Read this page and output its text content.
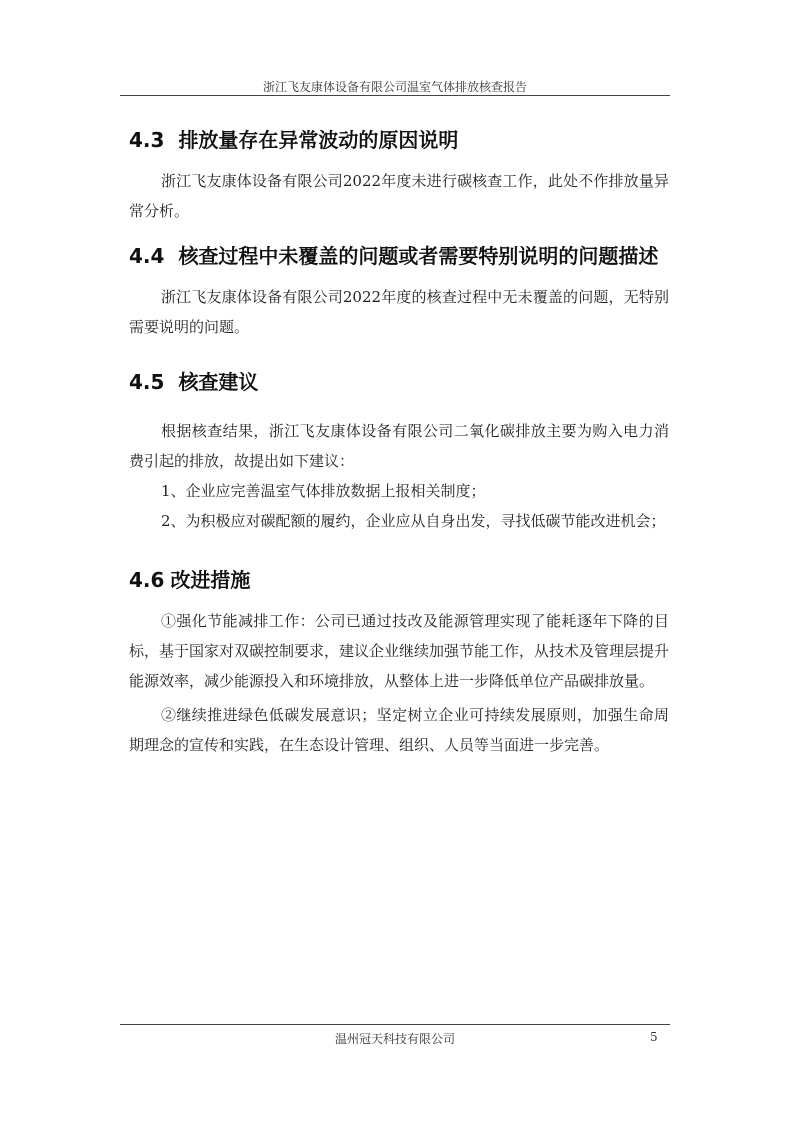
浙江飞友康体设备有限公司温室气体排放核查报告
4.3 排放量存在异常波动的原因说明
浙江飞友康体设备有限公司2022年度未进行碳核查工作，此处不作排放量异常分析。
4.4 核查过程中未覆盖的问题或者需要特别说明的问题描述
浙江飞友康体设备有限公司2022年度的核查过程中无未覆盖的问题，无特别需要说明的问题。
4.5 核查建议
根据核查结果，浙江飞友康体设备有限公司二氧化碳排放主要为购入电力消费引起的排放，故提出如下建议：
1、企业应完善温室气体排放数据上报相关制度；
2、为积极应对碳配额的履约，企业应从自身出发，寻找低碳节能改进机会；
4.6 改进措施
①强化节能减排工作：公司已通过技改及能源管理实现了能耗逐年下降的目标，基于国家对双碳控制要求，建议企业继续加强节能工作，从技术及管理层提升能源效率，减少能源投入和环境排放，从整体上进一步降低单位产品碳排放量。
②继续推进绿色低碳发展意识；坚定树立企业可持续发展原则，加强生命周期理念的宣传和实践，在生态设计管理、组织、人员等当面进一步完善。
温州冠天科技有限公司	5
